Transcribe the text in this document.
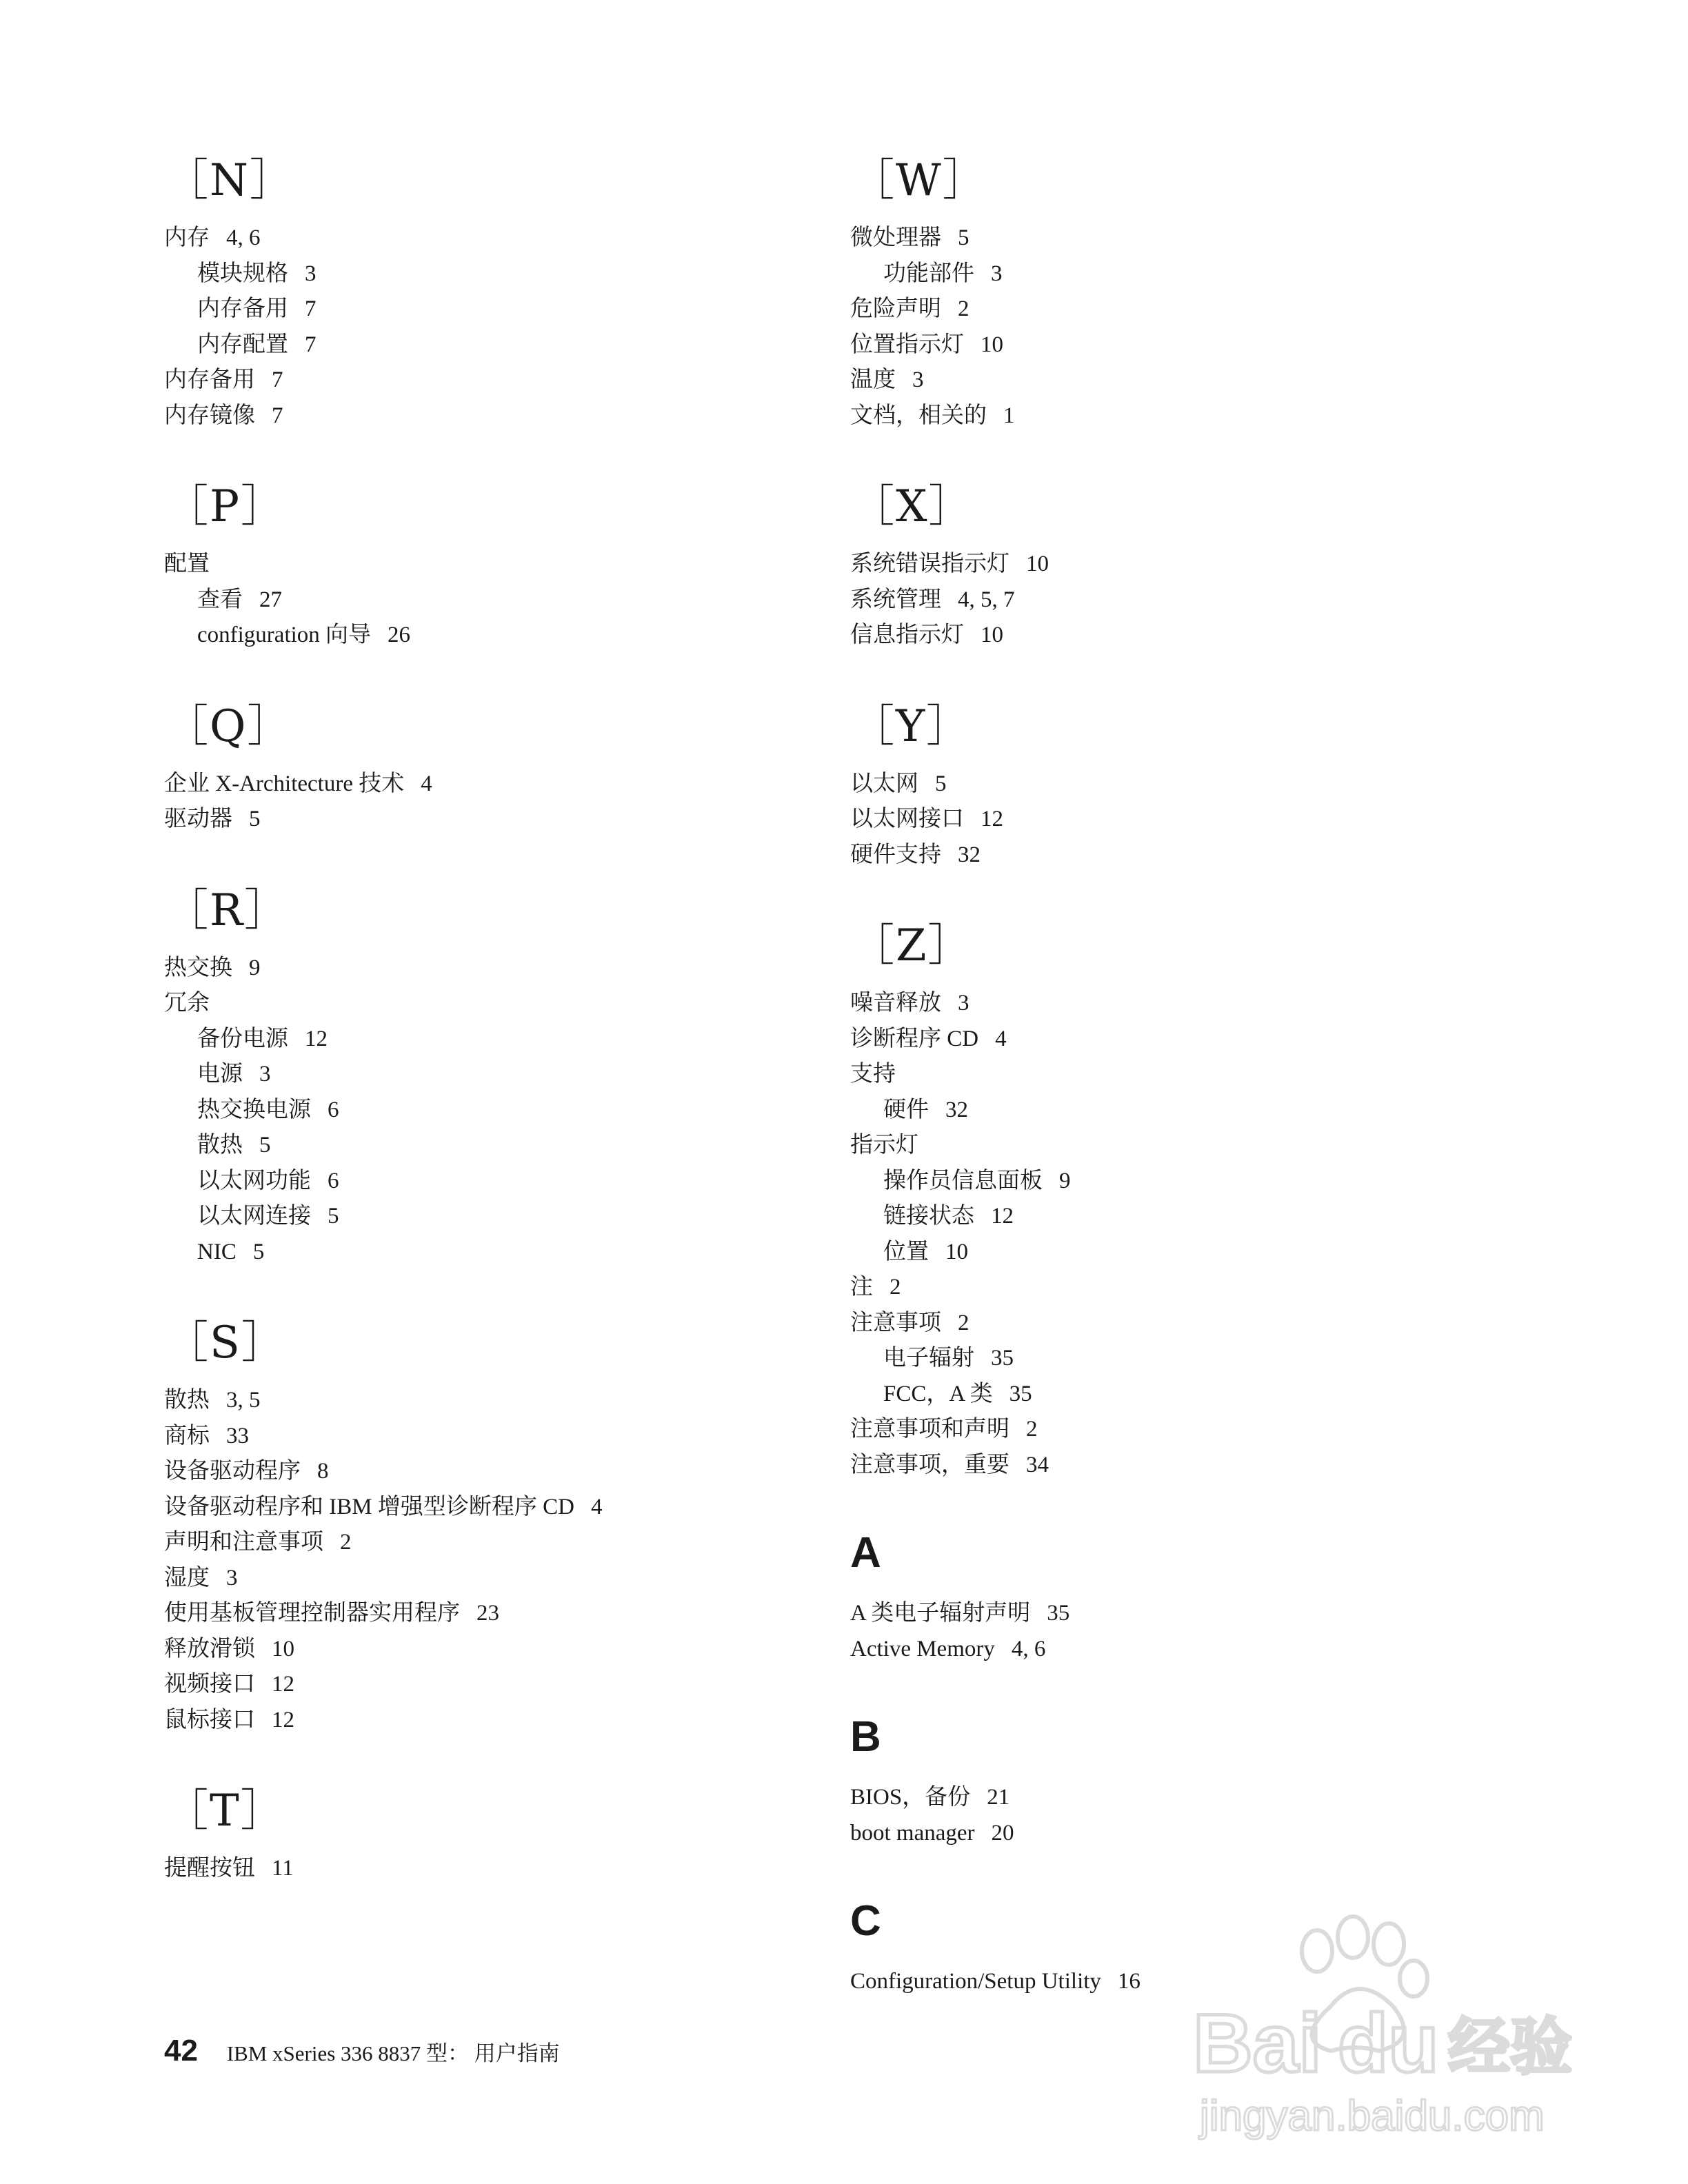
［N］
内存 4, 6
模块规格 3
内存备用 7
内存配置 7
内存备用 7
内存镜像 7
［P］
配置
查看 27
configuration 向导 26
［Q］
企业 X-Architecture 技术 4
驱动器 5
［R］
热交换 9
冗余
备份电源 12
电源 3
热交换电源 6
散热 5
以太网功能 6
以太网连接 5
NIC 5
［S］
散热 3, 5
商标 33
设备驱动程序 8
设备驱动程序和 IBM 增强型诊断程序 CD 4
声明和注意事项 2
湿度 3
使用基板管理控制器实用程序 23
释放滑锁 10
视频接口 12
鼠标接口 12
［T］
提醒按钮 11
［W］
微处理器 5
功能部件 3
危险声明 2
位置指示灯 10
温度 3
文档，相关的 1
［X］
系统错误指示灯 10
系统管理 4, 5, 7
信息指示灯 10
［Y］
以太网 5
以太网接口 12
硬件支持 32
［Z］
噪音释放 3
诊断程序 CD 4
支持
硬件 32
指示灯
操作员信息面板 9
链接状态 12
位置 10
注 2
注意事项 2
电子辐射 35
FCC，A 类 35
注意事项和声明 2
注意事项，重要 34
A
A 类电子辐射声明 35
Active Memory 4, 6
B
BIOS，备份 21
boot manager 20
C
Configuration/Setup Utility 16
42 IBM xSeries 336 8837 型： 用户指南	Bai du 经验
jingyan.baidu.com
